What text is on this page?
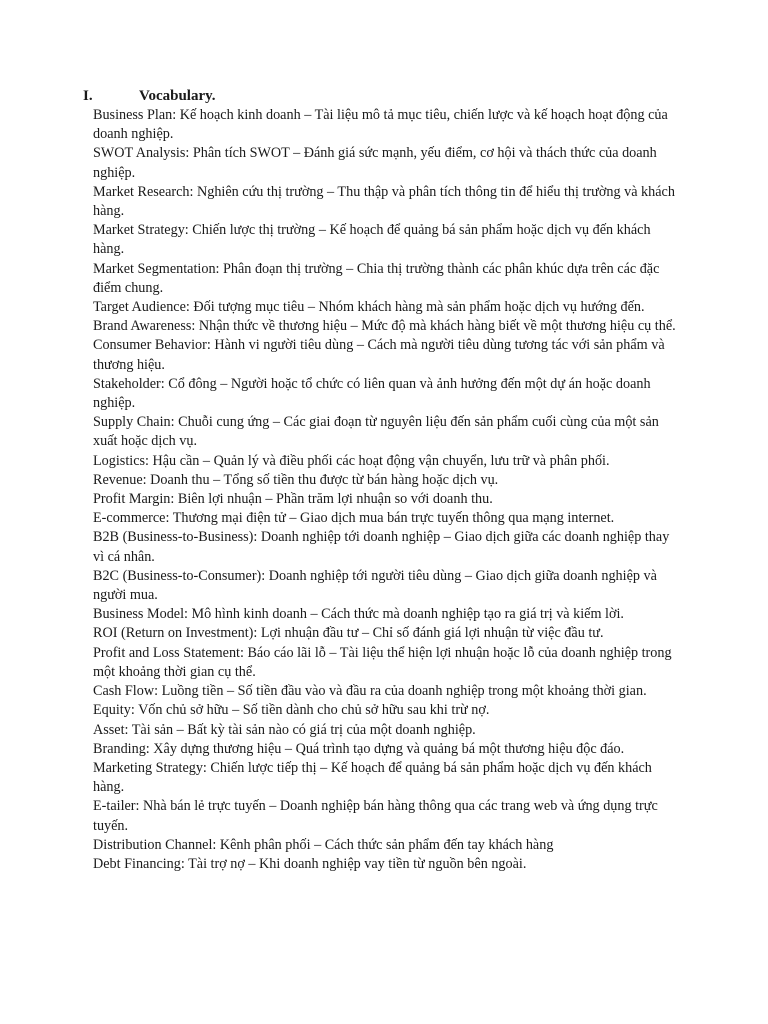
I.	Vocabulary.
Business Plan: Kế hoạch kinh doanh – Tài liệu mô tả mục tiêu, chiến lược và kế hoạch hoạt động của doanh nghiệp.
SWOT Analysis: Phân tích SWOT – Đánh giá sức mạnh, yếu điểm, cơ hội và thách thức của doanh nghiệp.
Market Research: Nghiên cứu thị trường – Thu thập và phân tích thông tin để hiểu thị trường và khách hàng.
Market Strategy: Chiến lược thị trường – Kế hoạch để quảng bá sản phẩm hoặc dịch vụ đến khách hàng.
Market Segmentation: Phân đoạn thị trường – Chia thị trường thành các phân khúc dựa trên các đặc điểm chung.
Target Audience: Đối tượng mục tiêu – Nhóm khách hàng mà sản phẩm hoặc dịch vụ hướng đến.
Brand Awareness: Nhận thức về thương hiệu – Mức độ mà khách hàng biết về một thương hiệu cụ thể.
Consumer Behavior: Hành vi người tiêu dùng – Cách mà người tiêu dùng tương tác với sản phẩm và thương hiệu.
Stakeholder: Cổ đông – Người hoặc tổ chức có liên quan và ảnh hưởng đến một dự án hoặc doanh nghiệp.
Supply Chain: Chuỗi cung ứng – Các giai đoạn từ nguyên liệu đến sản phẩm cuối cùng của một sản xuất hoặc dịch vụ.
Logistics: Hậu cần – Quản lý và điều phối các hoạt động vận chuyển, lưu trữ và phân phối.
Revenue: Doanh thu – Tổng số tiền thu được từ bán hàng hoặc dịch vụ.
Profit Margin: Biên lợi nhuận – Phần trăm lợi nhuận so với doanh thu.
E-commerce: Thương mại điện tử – Giao dịch mua bán trực tuyến thông qua mạng internet.
B2B (Business-to-Business): Doanh nghiệp tới doanh nghiệp – Giao dịch giữa các doanh nghiệp thay vì cá nhân.
B2C (Business-to-Consumer): Doanh nghiệp tới người tiêu dùng – Giao dịch giữa doanh nghiệp và người mua.
Business Model: Mô hình kinh doanh – Cách thức mà doanh nghiệp tạo ra giá trị và kiếm lời.
ROI (Return on Investment): Lợi nhuận đầu tư – Chỉ số đánh giá lợi nhuận từ việc đầu tư.
Profit and Loss Statement: Báo cáo lãi lỗ – Tài liệu thể hiện lợi nhuận hoặc lỗ của doanh nghiệp trong một khoảng thời gian cụ thể.
Cash Flow: Luồng tiền – Số tiền đầu vào và đầu ra của doanh nghiệp trong một khoảng thời gian.
Equity: Vốn chủ sở hữu – Số tiền dành cho chủ sở hữu sau khi trừ nợ.
Asset: Tài sản – Bất kỳ tài sản nào có giá trị của một doanh nghiệp.
Branding: Xây dựng thương hiệu – Quá trình tạo dựng và quảng bá một thương hiệu độc đáo.
Marketing Strategy: Chiến lược tiếp thị – Kế hoạch để quảng bá sản phẩm hoặc dịch vụ đến khách hàng.
E-tailer: Nhà bán lẻ trực tuyến – Doanh nghiệp bán hàng thông qua các trang web và ứng dụng trực tuyến.
Distribution Channel: Kênh phân phối – Cách thức sản phẩm đến tay khách hàng
Debt Financing: Tài trợ nợ – Khi doanh nghiệp vay tiền từ nguồn bên ngoài.
